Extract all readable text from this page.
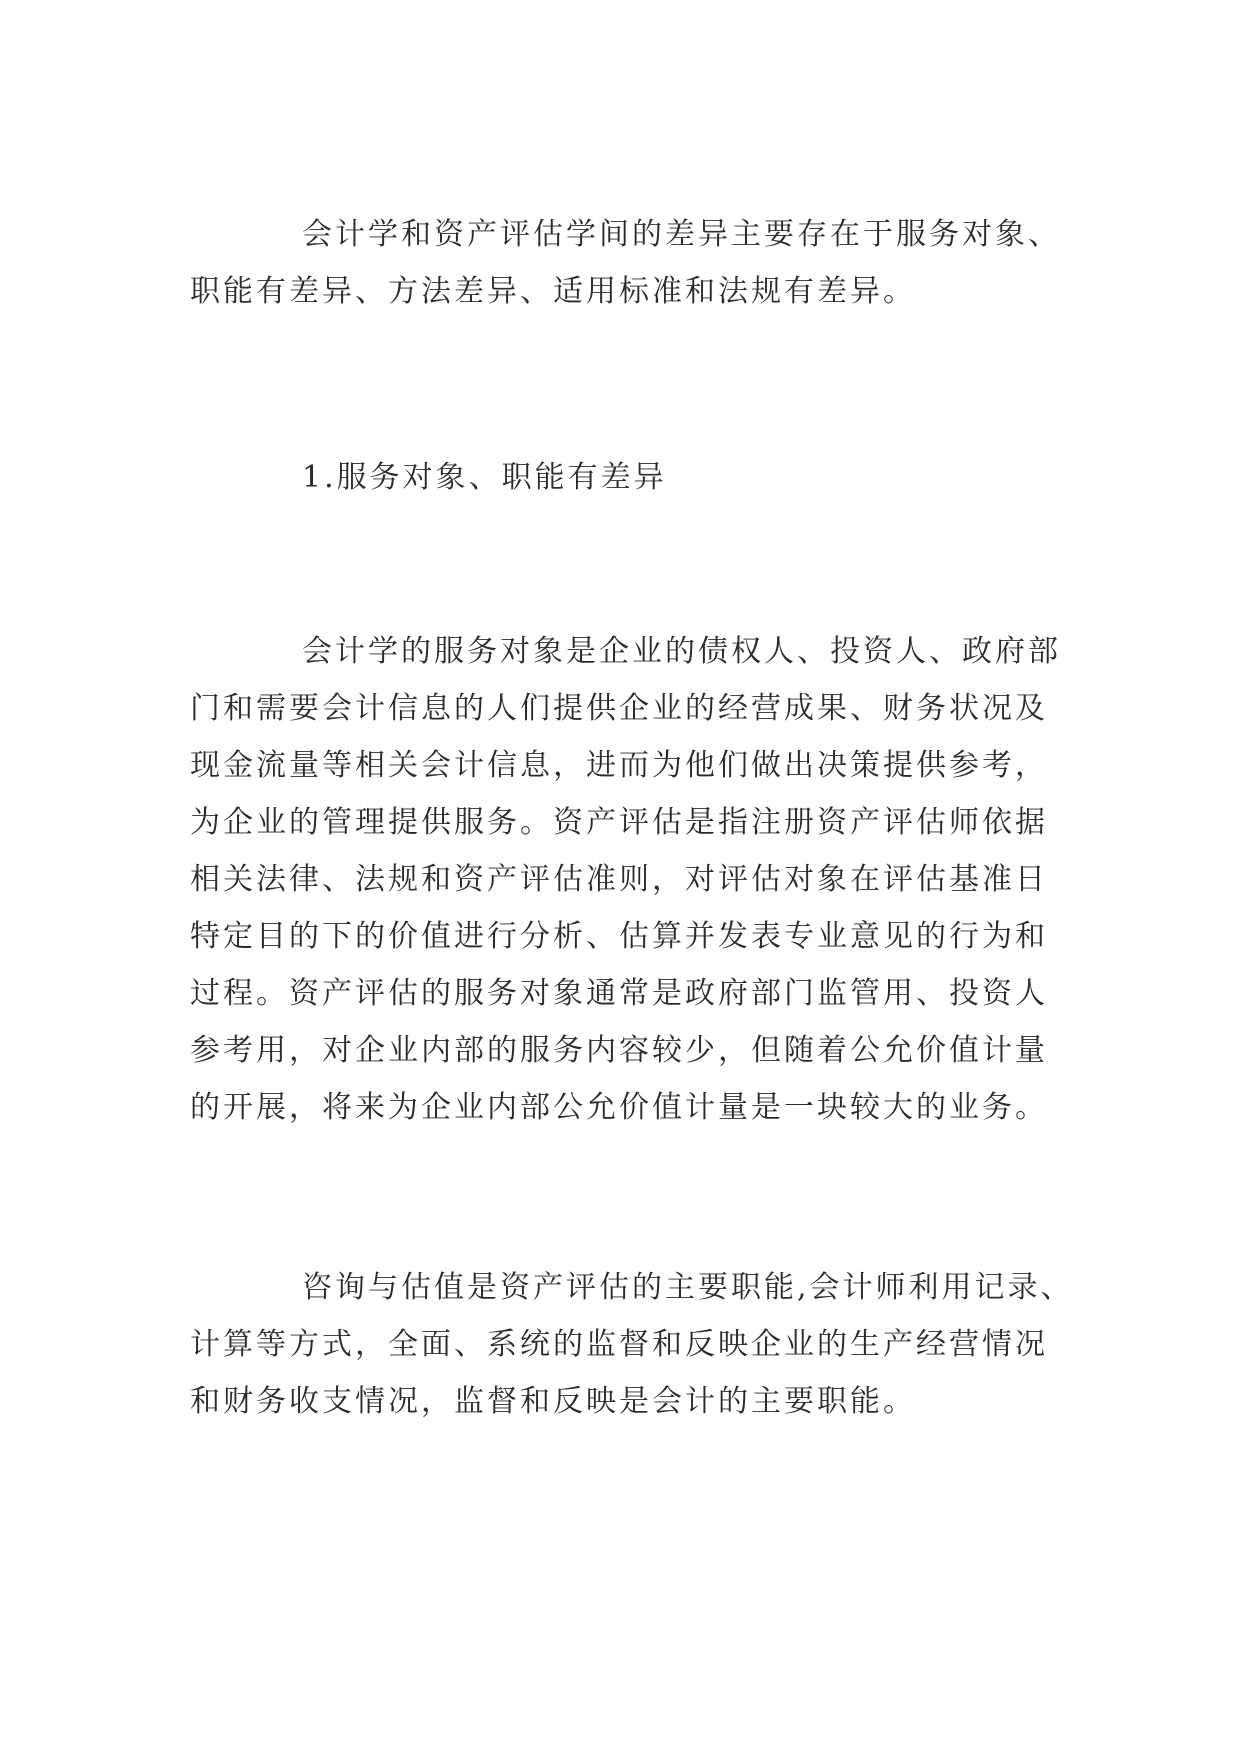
会计学和资产评估学间的差异主要存在于服务对象、
职能有差异、方法差异、适用标准和法规有差异。
1.服务对象、职能有差异
会计学的服务对象是企业的债权人、投资人、政府部
门和需要会计信息的人们提供企业的经营成果、财务状况及
现金流量等相关会计信息，进而为他们做出决策提供参考，
为企业的管理提供服务。资产评估是指注册资产评估师依据
相关法律、法规和资产评估准则，对评估对象在评估基准日
特定目的下的价值进行分析、估算并发表专业意见的行为和
过程。资产评估的服务对象通常是政府部门监管用、投资人
参考用，对企业内部的服务内容较少，但随着公允价值计量
的开展，将来为企业内部公允价值计量是一块较大的业务。
咨询与估值是资产评估的主要职能,会计师利用记录、
计算等方式，全面、系统的监督和反映企业的生产经营情况
和财务收支情况，监督和反映是会计的主要职能。
